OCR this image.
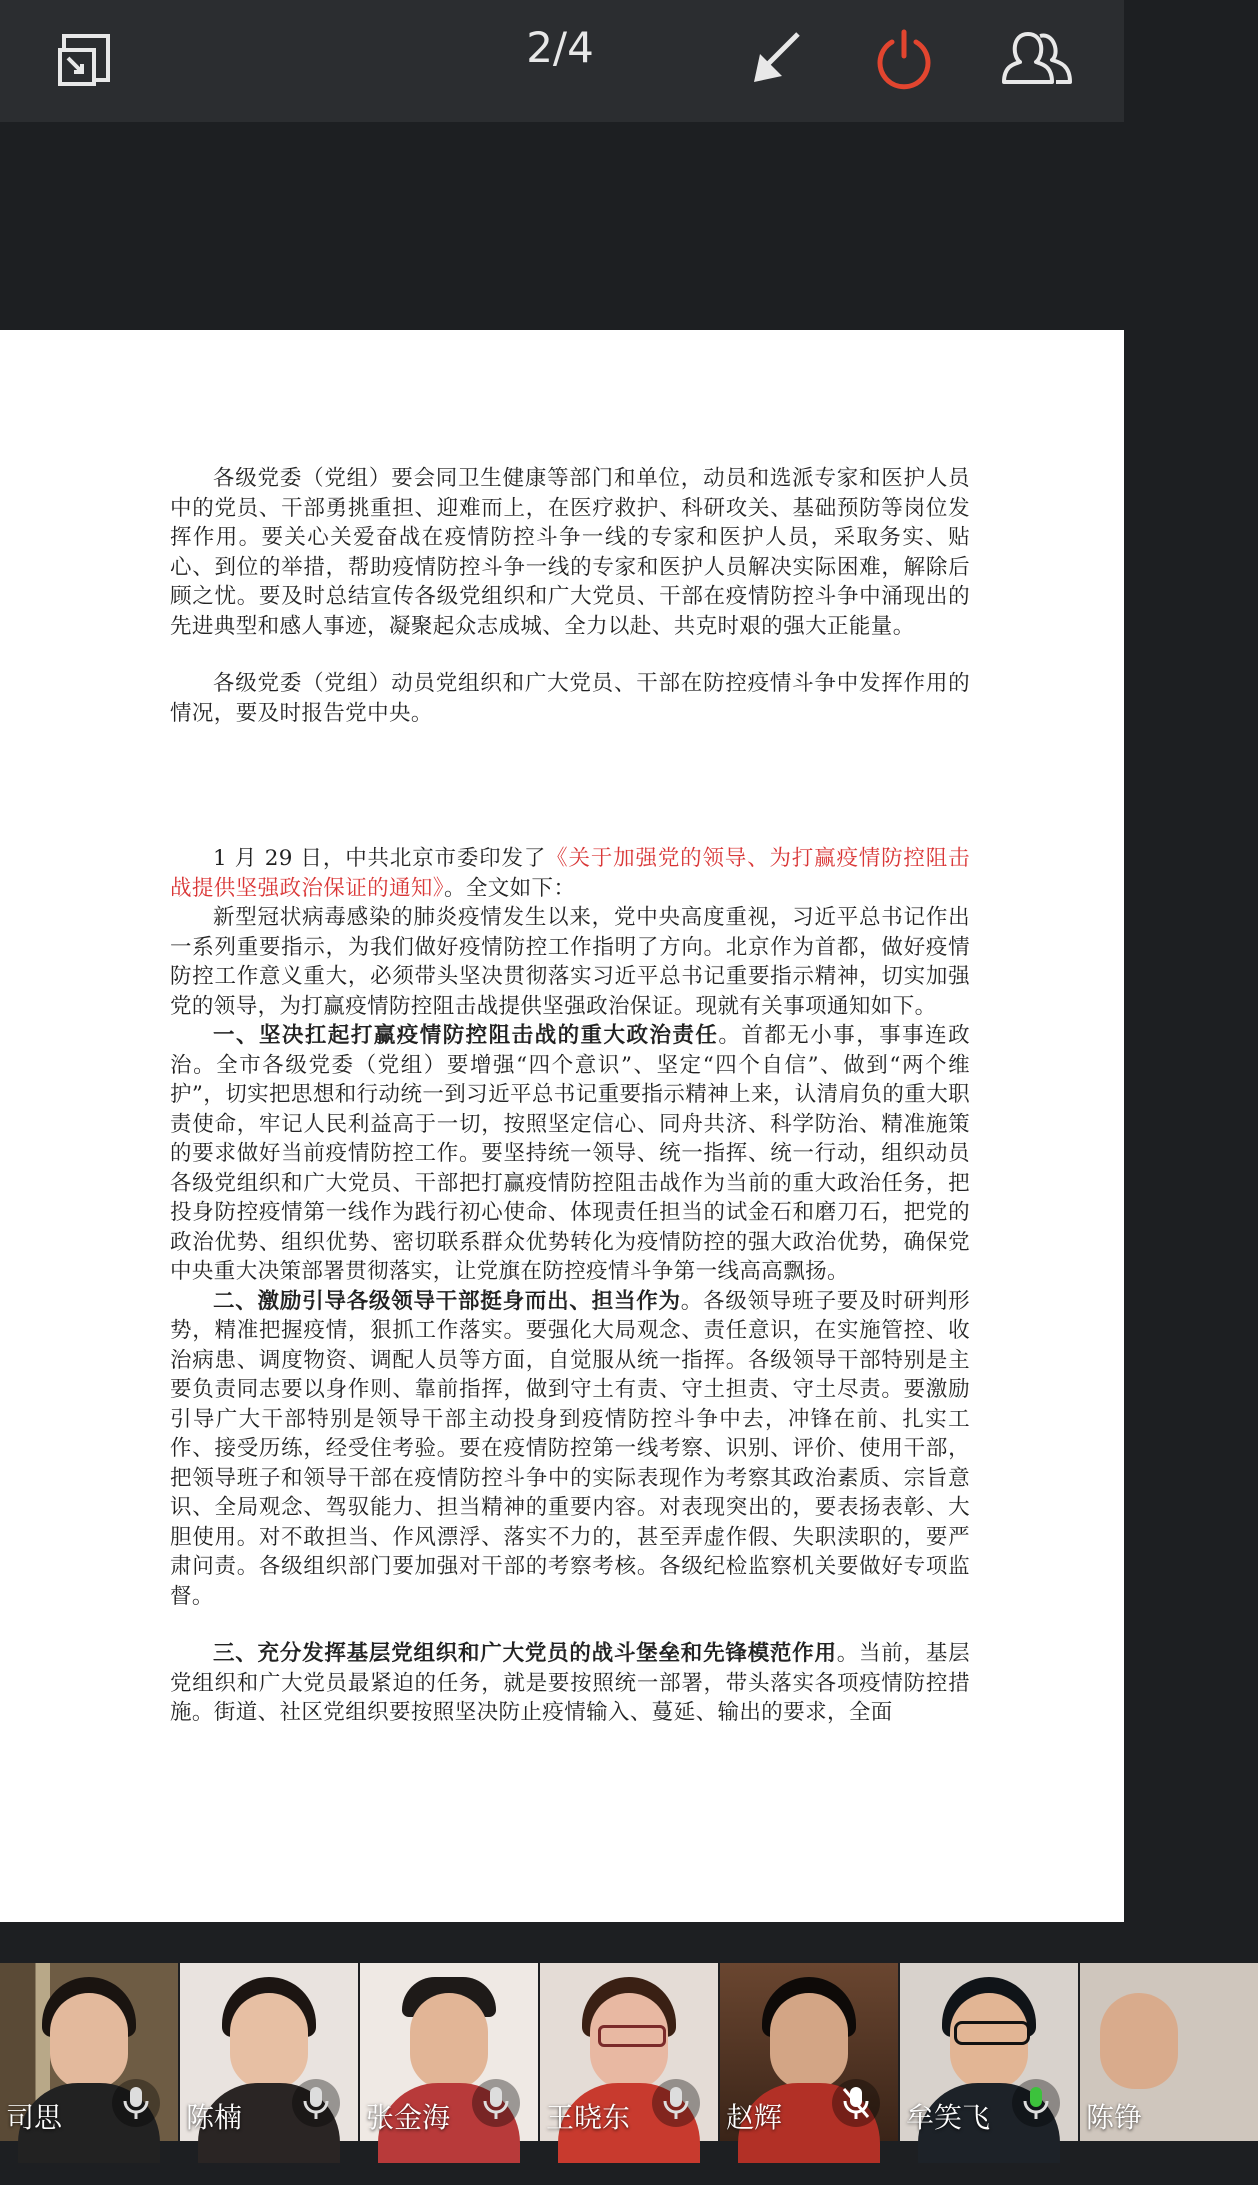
2/4

各级党委（党组）要会同卫生健康等部门和单位，动员和选派专家和医护人员中的党员、干部勇挑重担、迎难而上，在医疗救护、科研攻关、基础预防等岗位发挥作用。要关心关爱奋战在疫情防控斗争一线的专家和医护人员，采取务实、贴心、到位的举措，帮助疫情防控斗争一线的专家和医护人员解决实际困难，解除后顾之忧。要及时总结宣传各级党组织和广大党员、干部在疫情防控斗争中涌现出的先进典型和感人事迹，凝聚起众志成城、全力以赴、共克时艰的强大正能量。

各级党委（党组）动员党组织和广大党员、干部在防控疫情斗争中发挥作用的情况，要及时报告党中央。

1 月 29 日，中共北京市委印发了《关于加强党的领导、为打赢疫情防控阻击战提供坚强政治保证的通知》。全文如下：

新型冠状病毒感染的肺炎疫情发生以来，党中央高度重视，习近平总书记作出一系列重要指示，为我们做好疫情防控工作指明了方向。北京作为首都，做好疫情防控工作意义重大，必须带头坚决贯彻落实习近平总书记重要指示精神，切实加强党的领导，为打赢疫情防控阻击战提供坚强政治保证。现就有关事项通知如下。

一、坚决扛起打赢疫情防控阻击战的重大政治责任。首都无小事，事事连政治。全市各级党委（党组）要增强“四个意识”、坚定“四个自信”、做到“两个维护”，切实把思想和行动统一到习近平总书记重要指示精神上来，认清肩负的重大职责使命，牢记人民利益高于一切，按照坚定信心、同舟共济、科学防治、精准施策的要求做好当前疫情防控工作。要坚持统一领导、统一指挥、统一行动，组织动员各级党组织和广大党员、干部把打赢疫情防控阻击战作为当前的重大政治任务，把投身防控疫情第一线作为践行初心使命、体现责任担当的试金石和磨刀石，把党的政治优势、组织优势、密切联系群众优势转化为疫情防控的强大政治优势，确保党中央重大决策部署贯彻落实，让党旗在防控疫情斗争第一线高高飘扬。

二、激励引导各级领导干部挺身而出、担当作为。各级领导班子要及时研判形势，精准把握疫情，狠抓工作落实。要强化大局观念、责任意识，在实施管控、收治病患、调度物资、调配人员等方面，自觉服从统一指挥。各级领导干部特别是主要负责同志要以身作则、靠前指挥，做到守土有责、守土担责、守土尽责。要激励引导广大干部特别是领导干部主动投身到疫情防控斗争中去，冲锋在前、扎实工作、接受历练，经受住考验。要在疫情防控第一线考察、识别、评价、使用干部，把领导班子和领导干部在疫情防控斗争中的实际表现作为考察其政治素质、宗旨意识、全局观念、驾驭能力、担当精神的重要内容。对表现突出的，要表扬表彰、大胆使用。对不敢担当、作风漂浮、落实不力的，甚至弄虚作假、失职渎职的，要严肃问责。各级组织部门要加强对干部的考察考核。各级纪检监察机关要做好专项监督。

三、充分发挥基层党组织和广大党员的战斗堡垒和先锋模范作用。当前，基层党组织和广大党员最紧迫的任务，就是要按照统一部署，带头落实各项疫情防控措施。街道、社区党组织要按照坚决防止疫情输入、蔓延、输出的要求，全面

司思	陈楠	张金海	王晓东	赵辉	牟笑飞	陈铮
